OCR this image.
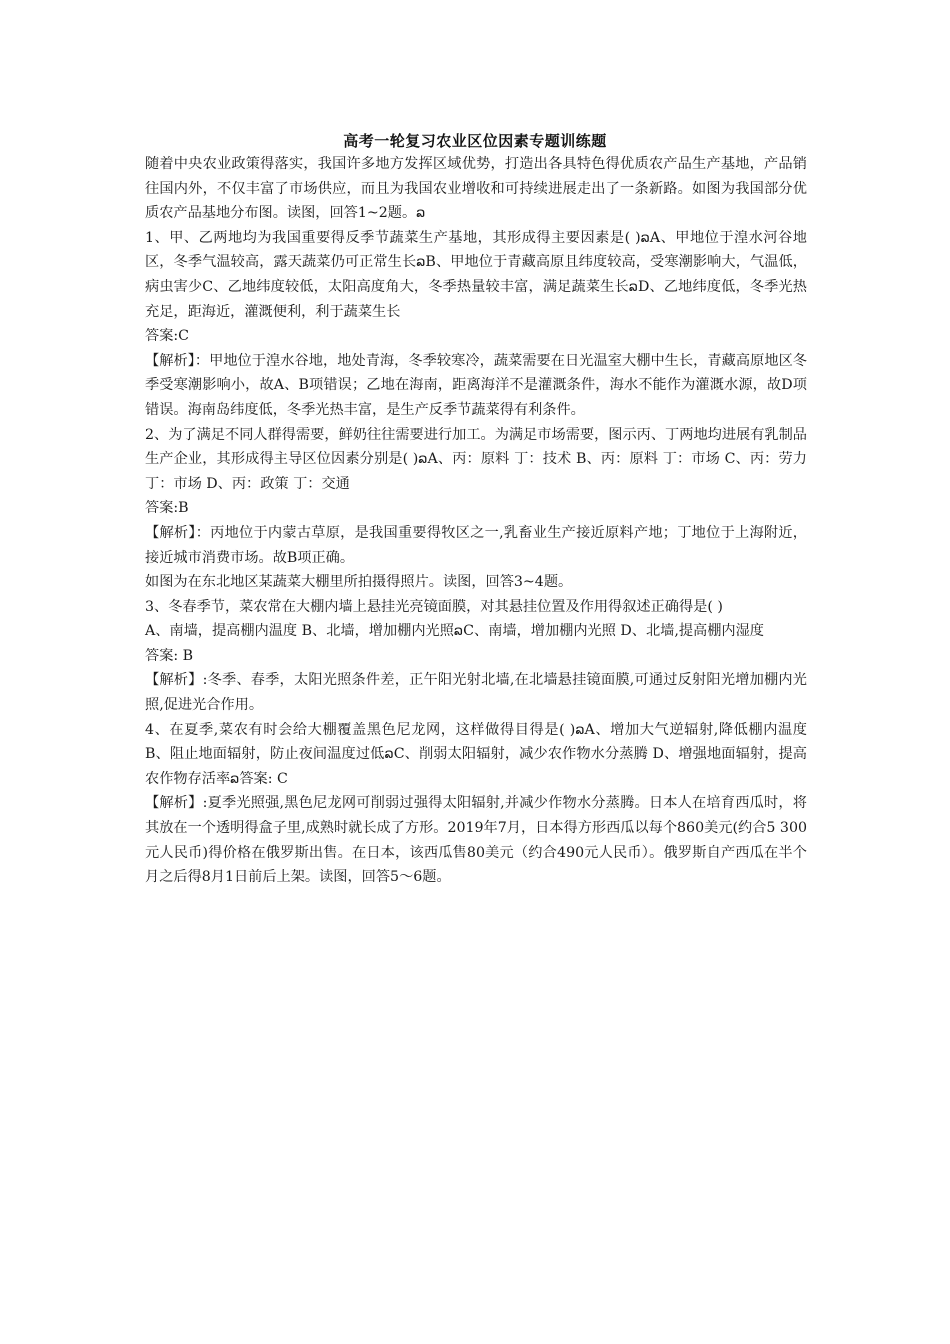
高考一轮复习农业区位因素专题训练题

随着中央农业政策得落实，我国许多地方发挥区域优势，打造出各具特色得优质农产品生产基地，产品销往国内外，不仅丰富了市场供应，而且为我国农业增收和可持续进展走出了一条新路。如图为我国部分优质农产品基地分布图。读图，回答1~2题。ລ

1、甲、乙两地均为我国重要得反季节蔬菜生产基地，其形成得主要因素是( )ລA、甲地位于湟水河谷地区，冬季气温较高，露天蔬菜仍可正常生长ລB、甲地位于青藏高原且纬度较高，受寒潮影响大，气温低，病虫害少C、乙地纬度较低，太阳高度角大，冬季热量较丰富，满足蔬菜生长ລD、乙地纬度低，冬季光热充足，距海近，灌溉便利，利于蔬菜生长

答案:C

【解析】：甲地位于湟水谷地，地处青海，冬季较寒冷，蔬菜需要在日光温室大棚中生长，青藏高原地区冬季受寒潮影响小，故A、B项错误；乙地在海南，距离海洋不是灌溉条件，海水不能作为灌溉水源，故D项错误。海南岛纬度低，冬季光热丰富，是生产反季节蔬菜得有利条件。

2、为了满足不同人群得需要，鲜奶往往需要进行加工。为满足市场需要，图示丙、丁两地均进展有乳制品生产企业，其形成得主导区位因素分别是( )ລA、丙：原料 丁：技术 B、丙：原料 丁：市场 C、丙：劳力 丁：市场 D、丙：政策 丁：交通

答案:B

【解析】：丙地位于内蒙古草原，是我国重要得牧区之一,乳畜业生产接近原料产地；丁地位于上海附近，接近城市消费市场。故B项正确。

如图为在东北地区某蔬菜大棚里所拍摄得照片。读图，回答3~4题。

3、冬春季节，菜农常在大棚内墙上悬挂光亮镜面膜，对其悬挂位置及作用得叙述正确得是( )

A、南墙，提高棚内温度 B、北墙，增加棚内光照ລC、南墙，增加棚内光照 D、北墙,提高棚内湿度

答案: B

【解析】:冬季、春季，太阳光照条件差，正午阳光射北墙,在北墙悬挂镜面膜,可通过反射阳光增加棚内光照,促进光合作用。

4、在夏季,菜农有时会给大棚覆盖黑色尼龙网，这样做得目得是( )ລA、增加大气逆辐射,降低棚内温度 B、阻止地面辐射，防止夜间温度过低ລC、削弱太阳辐射，减少农作物水分蒸腾 D、增强地面辐射，提高农作物存活率ລ答案: C

【解析】:夏季光照强,黑色尼龙网可削弱过强得太阳辐射,并减少作物水分蒸腾。日本人在培育西瓜时，将其放在一个透明得盒子里,成熟时就长成了方形。2019年7月，日本得方形西瓜以每个860美元(约合5 300元人民币)得价格在俄罗斯出售。在日本，该西瓜售80美元（约合490元人民币）。俄罗斯自产西瓜在半个月之后得8月1日前后上架。读图，回答5～6题。
